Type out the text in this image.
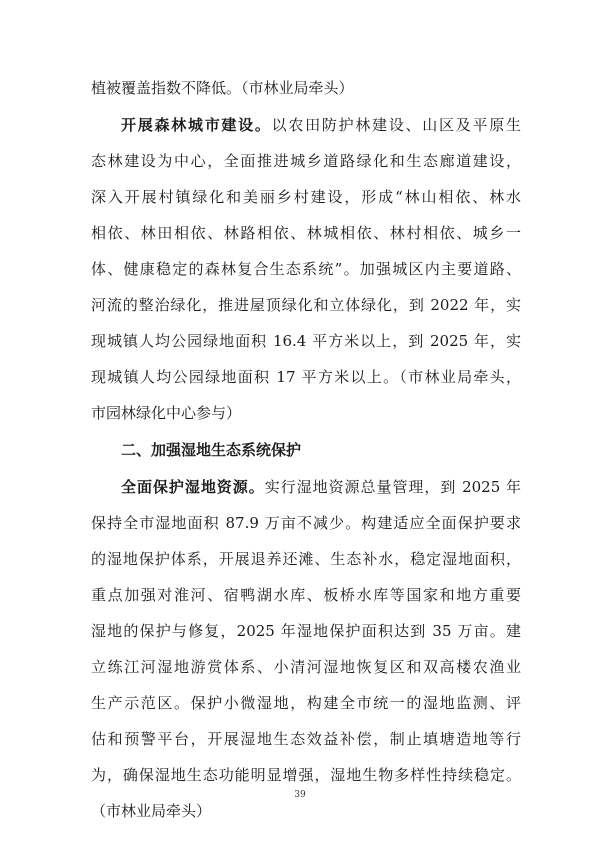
植被覆盖指数不降低。（市林业局牵头）
开展森林城市建设。以农田防护林建设、山区及平原生
态林建设为中心，全面推进城乡道路绿化和生态廊道建设，
深入开展村镇绿化和美丽乡村建设，形成“林山相依、林水
相依、林田相依、林路相依、林城相依、林村相依、城乡一
体、健康稳定的森林复合生态系统”。加强城区内主要道路、
河流的整治绿化，推进屋顶绿化和立体绿化，到 2022 年，实
现城镇人均公园绿地面积 16.4 平方米以上，到 2025 年，实
现城镇人均公园绿地面积 17 平方米以上。（市林业局牵头，
市园林绿化中心参与）
二、加强湿地生态系统保护
全面保护湿地资源。实行湿地资源总量管理，到 2025 年
保持全市湿地面积 87.9 万亩不减少。构建适应全面保护要求
的湿地保护体系，开展退养还滩、生态补水，稳定湿地面积，
重点加强对淮河、宿鸭湖水库、板桥水库等国家和地方重要
湿地的保护与修复，2025 年湿地保护面积达到 35 万亩。建
立练江河湿地游赏体系、小清河湿地恢复区和双高楼农渔业
生产示范区。保护小微湿地，构建全市统一的湿地监测、评
估和预警平台，开展湿地生态效益补偿，制止填塘造地等行
为，确保湿地生态功能明显增强，湿地生物多样性持续稳定。
（市林业局牵头）
39
